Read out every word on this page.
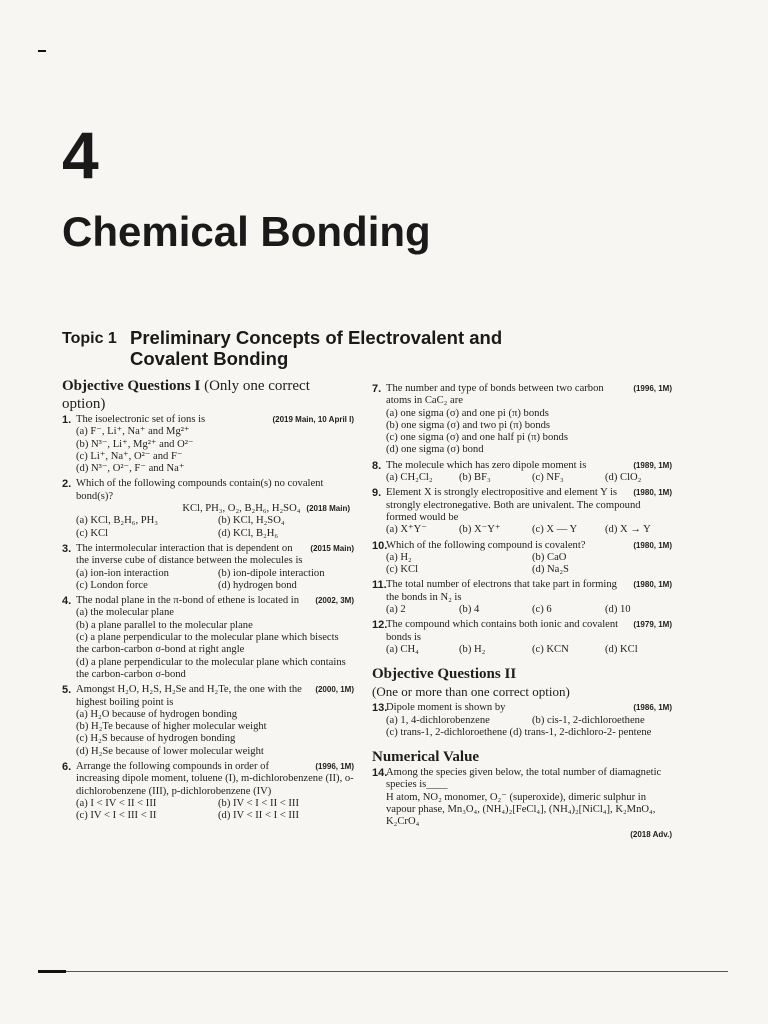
4
Chemical Bonding
Topic 1 Preliminary Concepts of Electrovalent and Covalent Bonding
Objective Questions I (Only one correct option)
1.	(2019 Main, 10 April I)
The isoelectronic set of ions is
(a) F⁻, Li⁺, Na⁺ and Mg²⁺
(b) N³⁻, Li⁺, Mg²⁺ and O²⁻
(c) Li⁺, Na⁺, O²⁻ and F⁻
(d) N³⁻, O²⁻, F⁻ and Na⁺
2. Which of the following compounds contain(s) no covalent bond(s)?
KCl, PH₃, O₂, B₂H₆, H₂SO₄ (2018 Main)
(a) KCl, B₂H₆, PH₃	(b) KCl, H₂SO₄
(c) KCl	(d) KCl, B₂H₆
3.	(2015 Main)
The intermolecular interaction that is dependent on the inverse cube of distance between the molecules is
(a) ion-ion interaction	(b) ion-dipole interaction
(c) London force	(d) hydrogen bond
4.	(2002, 3M)
The nodal plane in the π-bond of ethene is located in
(a) the molecular plane
(b) a plane parallel to the molecular plane
(c) a plane perpendicular to the molecular plane which bisects the carbon-carbon σ-bond at right angle
(d) a plane perpendicular to the molecular plane which contains the carbon-carbon σ-bond
5.	(2000, 1M)
Amongst H₂O, H₂S, H₂Se and H₂Te, the one with the highest boiling point is
(a) H₂O because of hydrogen bonding
(b) H₂Te because of higher molecular weight
(c) H₂S because of hydrogen bonding
(d) H₂Se because of lower molecular weight
6.	(1996, 1M)
Arrange the following compounds in order of increasing dipole moment, toluene (I), m-dichlorobenzene (II), o-dichlorobenzene (III), p-dichlorobenzene (IV)
(a) I < IV < II < III	(b) IV < I < II < III
(c) IV < I < III < II	(d) IV < II < I < III
7.	(1996, 1M)
The number and type of bonds between two carbon atoms in CaC₂ are
(a) one sigma (σ) and one pi (π) bonds
(b) one sigma (σ) and two pi (π) bonds
(c) one sigma (σ) and one half pi (π) bonds
(d) one sigma (σ) bond
8.	(1989, 1M)
The molecule which has zero dipole moment is
(a) CH₂Cl₂	(b) BF₃	(c) NF₃	(d) ClO₂
9.	(1980, 1M)
Element X is strongly electropositive and element Y is strongly electronegative. Both are univalent. The compound formed would be
(a) X⁺Y⁻	(b) X⁻Y⁺	(c) X — Y	(d) X → Y
10.	(1980, 1M)
Which of the following compound is covalent?
(a) H₂	(b) CaO
(c) KCl	(d) Na₂S
11.	(1980, 1M)
The total number of electrons that take part in forming the bonds in N₂ is
(a) 2	(b) 4	(c) 6	(d) 10
12.	(1979, 1M)
The compound which contains both ionic and covalent bonds is
(a) CH₄	(b) H₂	(c) KCN	(d) KCl
Objective Questions II
(One or more than one correct option)
13.	(1986, 1M)
Dipole moment is shown by
(a) 1, 4-dichlorobenzene	(b) cis-1, 2-dichloroethene
(c) trans-1, 2-dichloroethene (d) trans-1, 2-dichloro-2- pentene
Numerical Value
14.
Among the species given below, the total number of diamagnetic species is____
H atom, NO₂ monomer, O₂⁻ (superoxide), dimeric sulphur in vapour phase, Mn₃O₄, (NH₄)₂[FeCl₄], (NH₄)₂[NiCl₄], K₂MnO₄, K₂CrO₄
(2018 Adv.)
